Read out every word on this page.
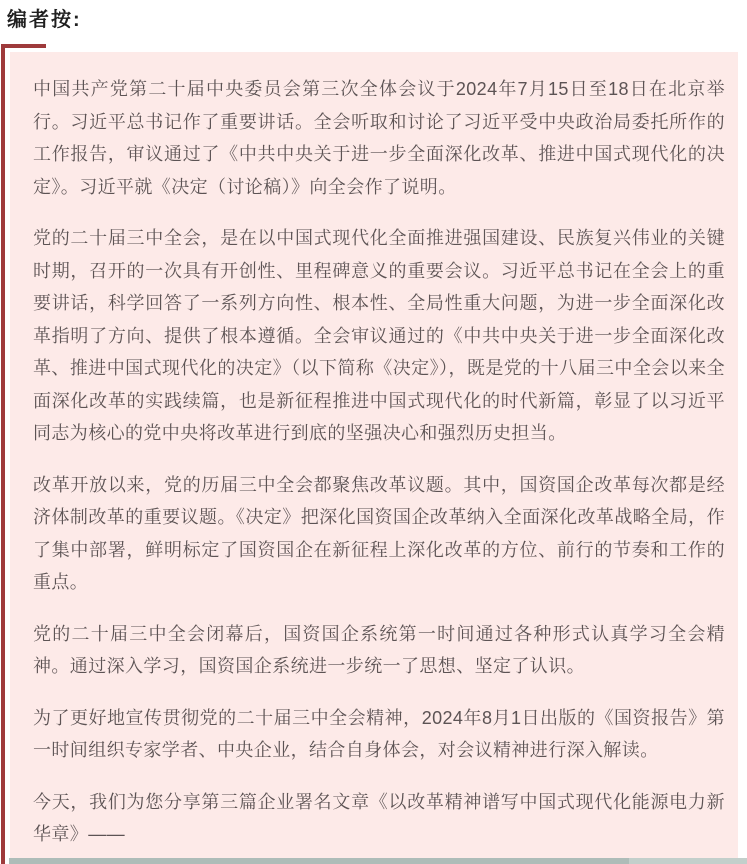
编者按:

中国共产党第二十届中央委员会第三次全体会议于2024年7月15日至18日在北京举行。习近平总书记作了重要讲话。全会听取和讨论了习近平受中央政治局委托所作的工作报告，审议通过了《中共中央关于进一步全面深化改革、推进中国式现代化的决定》。习近平就《决定（讨论稿）》向全会作了说明。

党的二十届三中全会，是在以中国式现代化全面推进强国建设、民族复兴伟业的关键时期，召开的一次具有开创性、里程碑意义的重要会议。习近平总书记在全会上的重要讲话，科学回答了一系列方向性、根本性、全局性重大问题，为进一步全面深化改革指明了方向、提供了根本遵循。全会审议通过的《中共中央关于进一步全面深化改革、推进中国式现代化的决定》（以下简称《决定》），既是党的十八届三中全会以来全面深化改革的实践续篇，也是新征程推进中国式现代化的时代新篇，彰显了以习近平同志为核心的党中央将改革进行到底的坚强决心和强烈历史担当。

改革开放以来，党的历届三中全会都聚焦改革议题。其中，国资国企改革每次都是经济体制改革的重要议题。《决定》把深化国资国企改革纳入全面深化改革战略全局，作了集中部署，鲜明标定了国资国企在新征程上深化改革的方位、前行的节奏和工作的重点。

党的二十届三中全会闭幕后，国资国企系统第一时间通过各种形式认真学习全会精神。通过深入学习，国资国企系统进一步统一了思想、坚定了认识。

为了更好地宣传贯彻党的二十届三中全会精神，2024年8月1日出版的《国资报告》第一时间组织专家学者、中央企业，结合自身体会，对会议精神进行深入解读。

今天，我们为您分享第三篇企业署名文章《以改革精神谱写中国式现代化能源电力新华章》——
